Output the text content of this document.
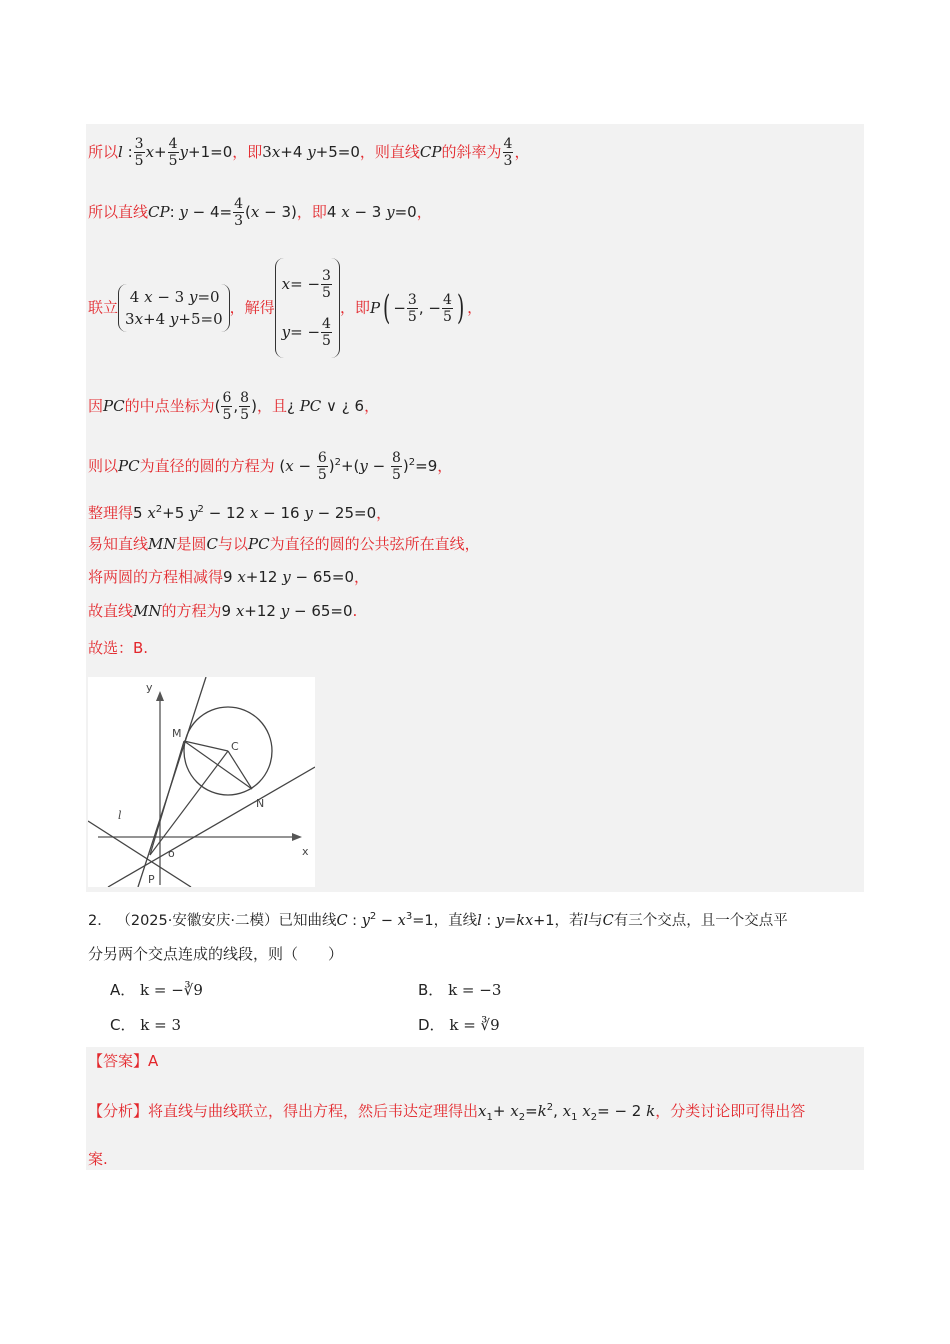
所以l : $\frac{3}{5} x+ \frac{4}{5} y+1=0$，即3x+4 y+5=0，则直线CP的斜率为 $\frac{4}{3}$ ，
所以直线CP: $y - 4= \frac{4}{3} (x - 3)$，即4 x − 3 y=0，
联立
4 x − 3 y=0
3x+4 y+5=0
，解得
x = − $\frac{3}{5}$
y = − $\frac{4}{5}$
，即$P( - \frac{3}{5}$ , − $\frac{4}{5}$ ) ，
因PC的中点坐标为( $\frac{6}{5}$ , $\frac{8}{5}$ )，且¿ PC ∨ ¿ 6，
则以PC为直径的圆的方程为 $(x - \frac{6}{5} )^2+(y - \frac{8}{5} )^2=9$，
整理得5 $x^2+5$ $y^2 - 12$ x − 16 y − 25=0，
易知直线MN是圆C与以PC为直径的圆的公共弦所在直线，
将两圆的方程相减得9 x+12 y − 65=0，
故直线MN的方程为9 x+12 y − 65=0.
故选：B.
y
x
o
M
C
N
P
l
2． （2025·安徽安庆·二模）已知曲线C : $y^2 - x^3=1$，直线l : y=kx+1，若l与C有三个交点，且一个交点平
分另两个交点连成的线段，则（　　）
A． k = −∛9	B． k = −3
C． k = 3	D． k = ∛9
【答案】A
【分析】将直线与曲线联立，得出方程，然后韦达定理得出$x_1+ x_2=k^2$, $x_1$ $x_2= - 2$ k，分类讨论即可得出答
案.
